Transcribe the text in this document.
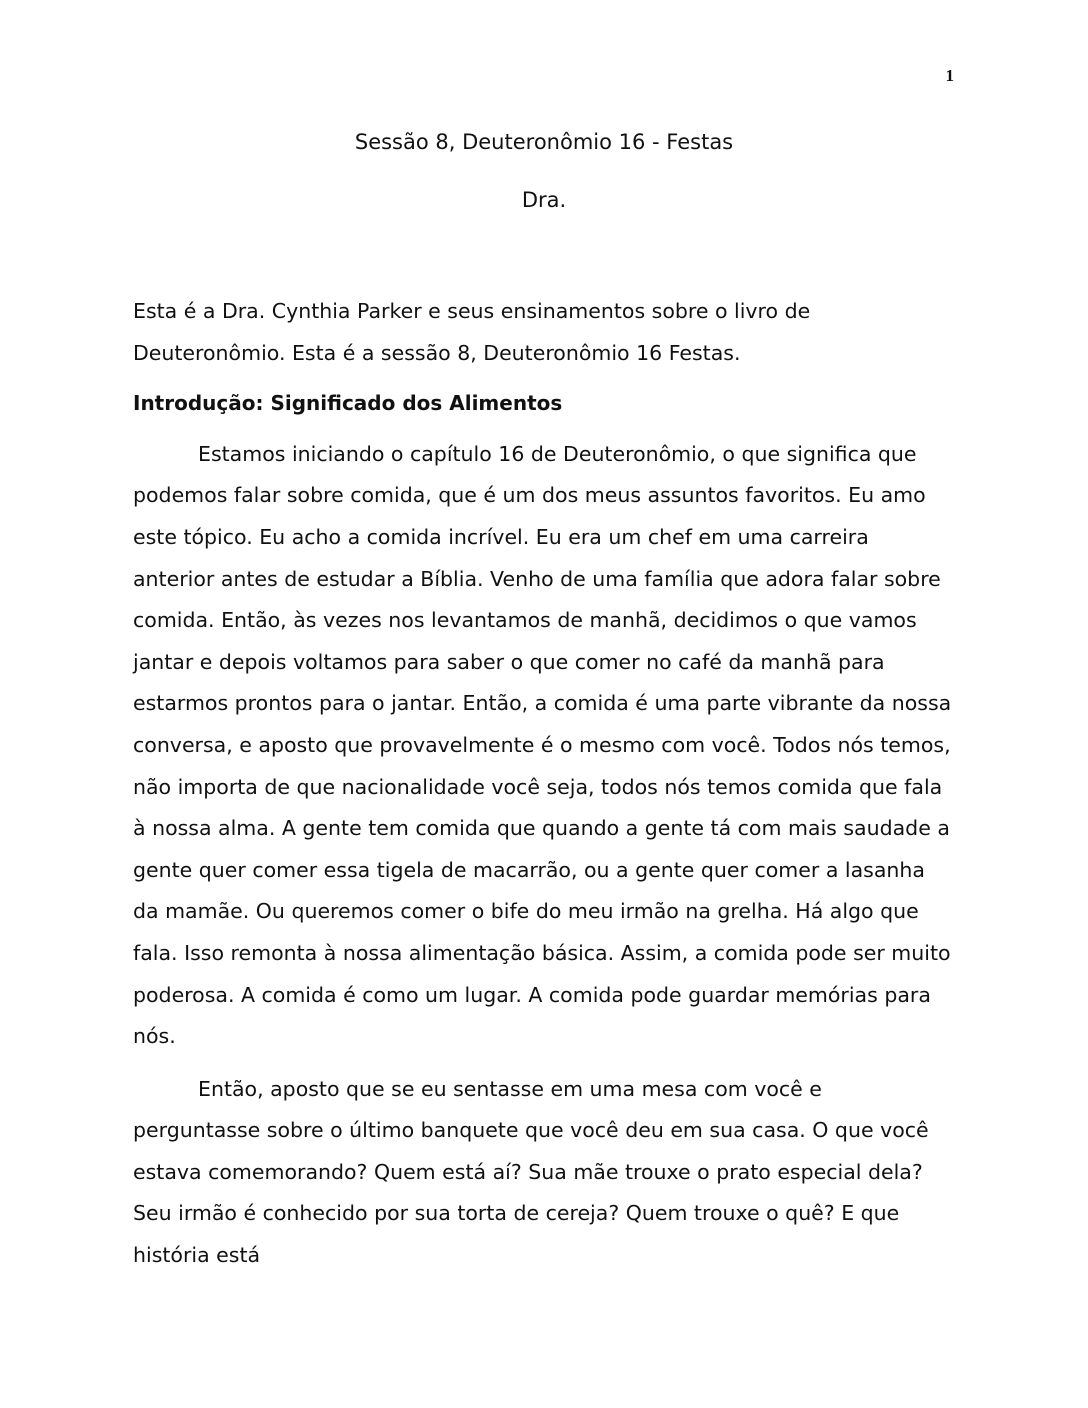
1
Sessão 8, Deuteronômio 16 - Festas
Dra.

Esta é a Dra. Cynthia Parker e seus ensinamentos sobre o livro de Deuteronômio. Esta é a sessão 8, Deuteronômio 16 Festas.

Introdução: Significado dos Alimentos

Estamos iniciando o capítulo 16 de Deuteronômio, o que significa que podemos falar sobre comida, que é um dos meus assuntos favoritos. Eu amo este tópico. Eu acho a comida incrível. Eu era um chef em uma carreira anterior antes de estudar a Bíblia. Venho de uma família que adora falar sobre comida. Então, às vezes nos levantamos de manhã, decidimos o que vamos jantar e depois voltamos para saber o que comer no café da manhã para estarmos prontos para o jantar. Então, a comida é uma parte vibrante da nossa conversa, e aposto que provavelmente é o mesmo com você. Todos nós temos, não importa de que nacionalidade você seja, todos nós temos comida que fala à nossa alma. A gente tem comida que quando a gente tá com mais saudade a gente quer comer essa tigela de macarrão, ou a gente quer comer a lasanha da mamãe. Ou queremos comer o bife do meu irmão na grelha. Há algo que fala. Isso remonta à nossa alimentação básica. Assim, a comida pode ser muito poderosa. A comida é como um lugar. A comida pode guardar memórias para nós.

Então, aposto que se eu sentasse em uma mesa com você e perguntasse sobre o último banquete que você deu em sua casa. O que você estava comemorando? Quem está aí? Sua mãe trouxe o prato especial dela? Seu irmão é conhecido por sua torta de cereja? Quem trouxe o quê? E que história está
